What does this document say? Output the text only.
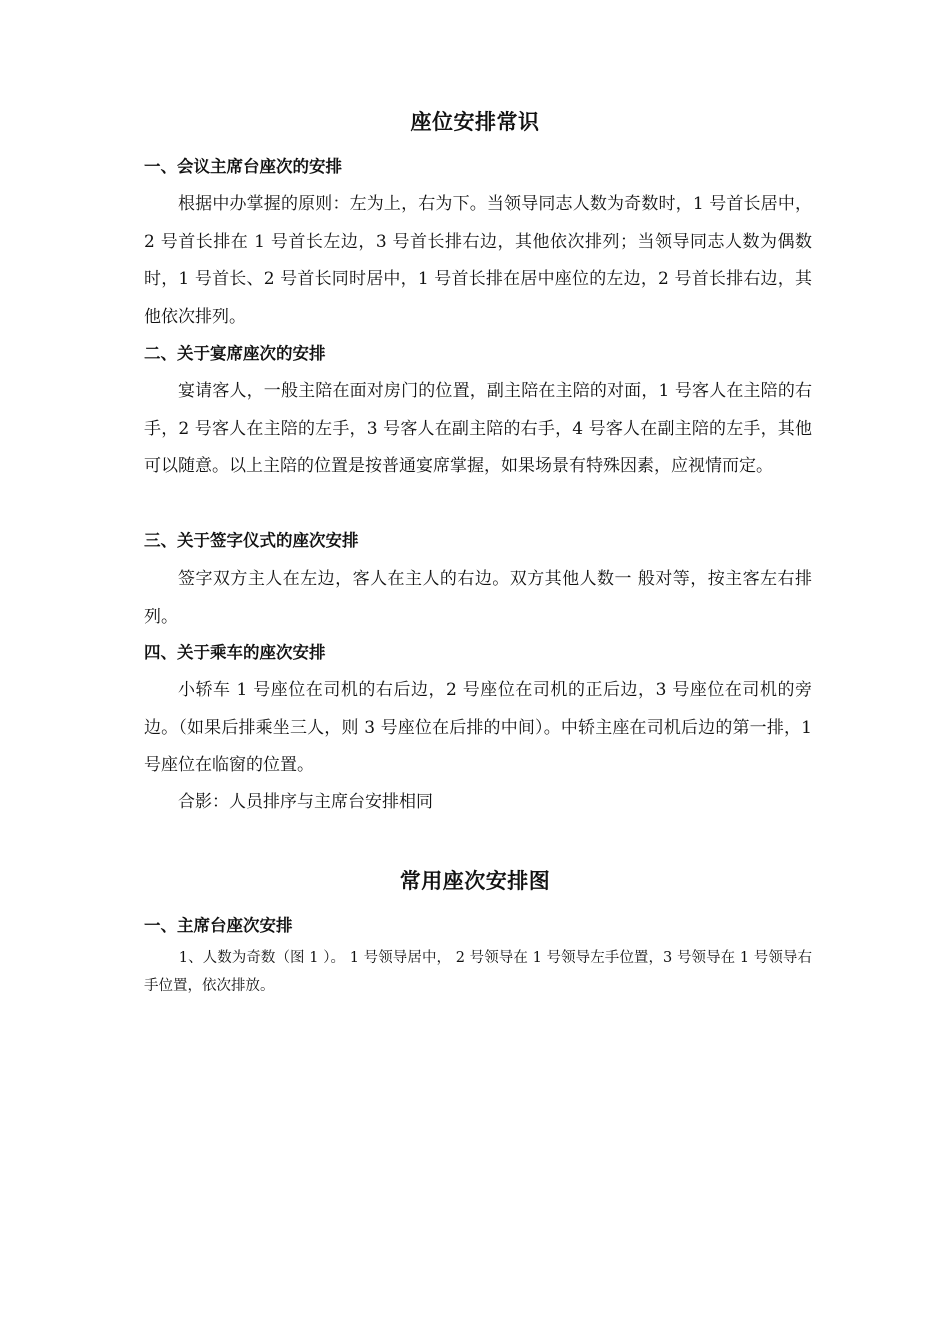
座位安排常识
一、会议主席台座次的安排
根据中办掌握的原则：左为上，右为下。当领导同志人数为奇数时，1 号首长居中，2 号首长排在 1 号首长左边，3 号首长排右边，其他依次排列；当领导同志人数为偶数时，1 号首长、2 号首长同时居中，1 号首长排在居中座位的左边，2 号首长排右边，其他依次排列。
二、关于宴席座次的安排
宴请客人，一般主陪在面对房门的位置，副主陪在主陪的对面，1 号客人在主陪的右手，2 号客人在主陪的左手，3 号客人在副主陪的右手，4 号客人在副主陪的左手，其他可以随意。以上主陪的位置是按普通宴席掌握，如果场景有特殊因素，应视情而定。
三、关于签字仪式的座次安排
签字双方主人在左边，客人在主人的右边。双方其他人数一 般对等，按主客左右排列。
四、关于乘车的座次安排
小轿车 1 号座位在司机的右后边，2 号座位在司机的正后边，3 号座位在司机的旁边。（如果后排乘坐三人，则 3 号座位在后排的中间）。中轿主座在司机后边的第一排，1 号座位在临窗的位置。
合影：人员排序与主席台安排相同
常用座次安排图
一、主席台座次安排
1、人数为奇数（图 1 ）。 1 号领导居中， 2 号领导在 1 号领导左手位置，3 号领导在 1 号领导右手位置，依次排放。
